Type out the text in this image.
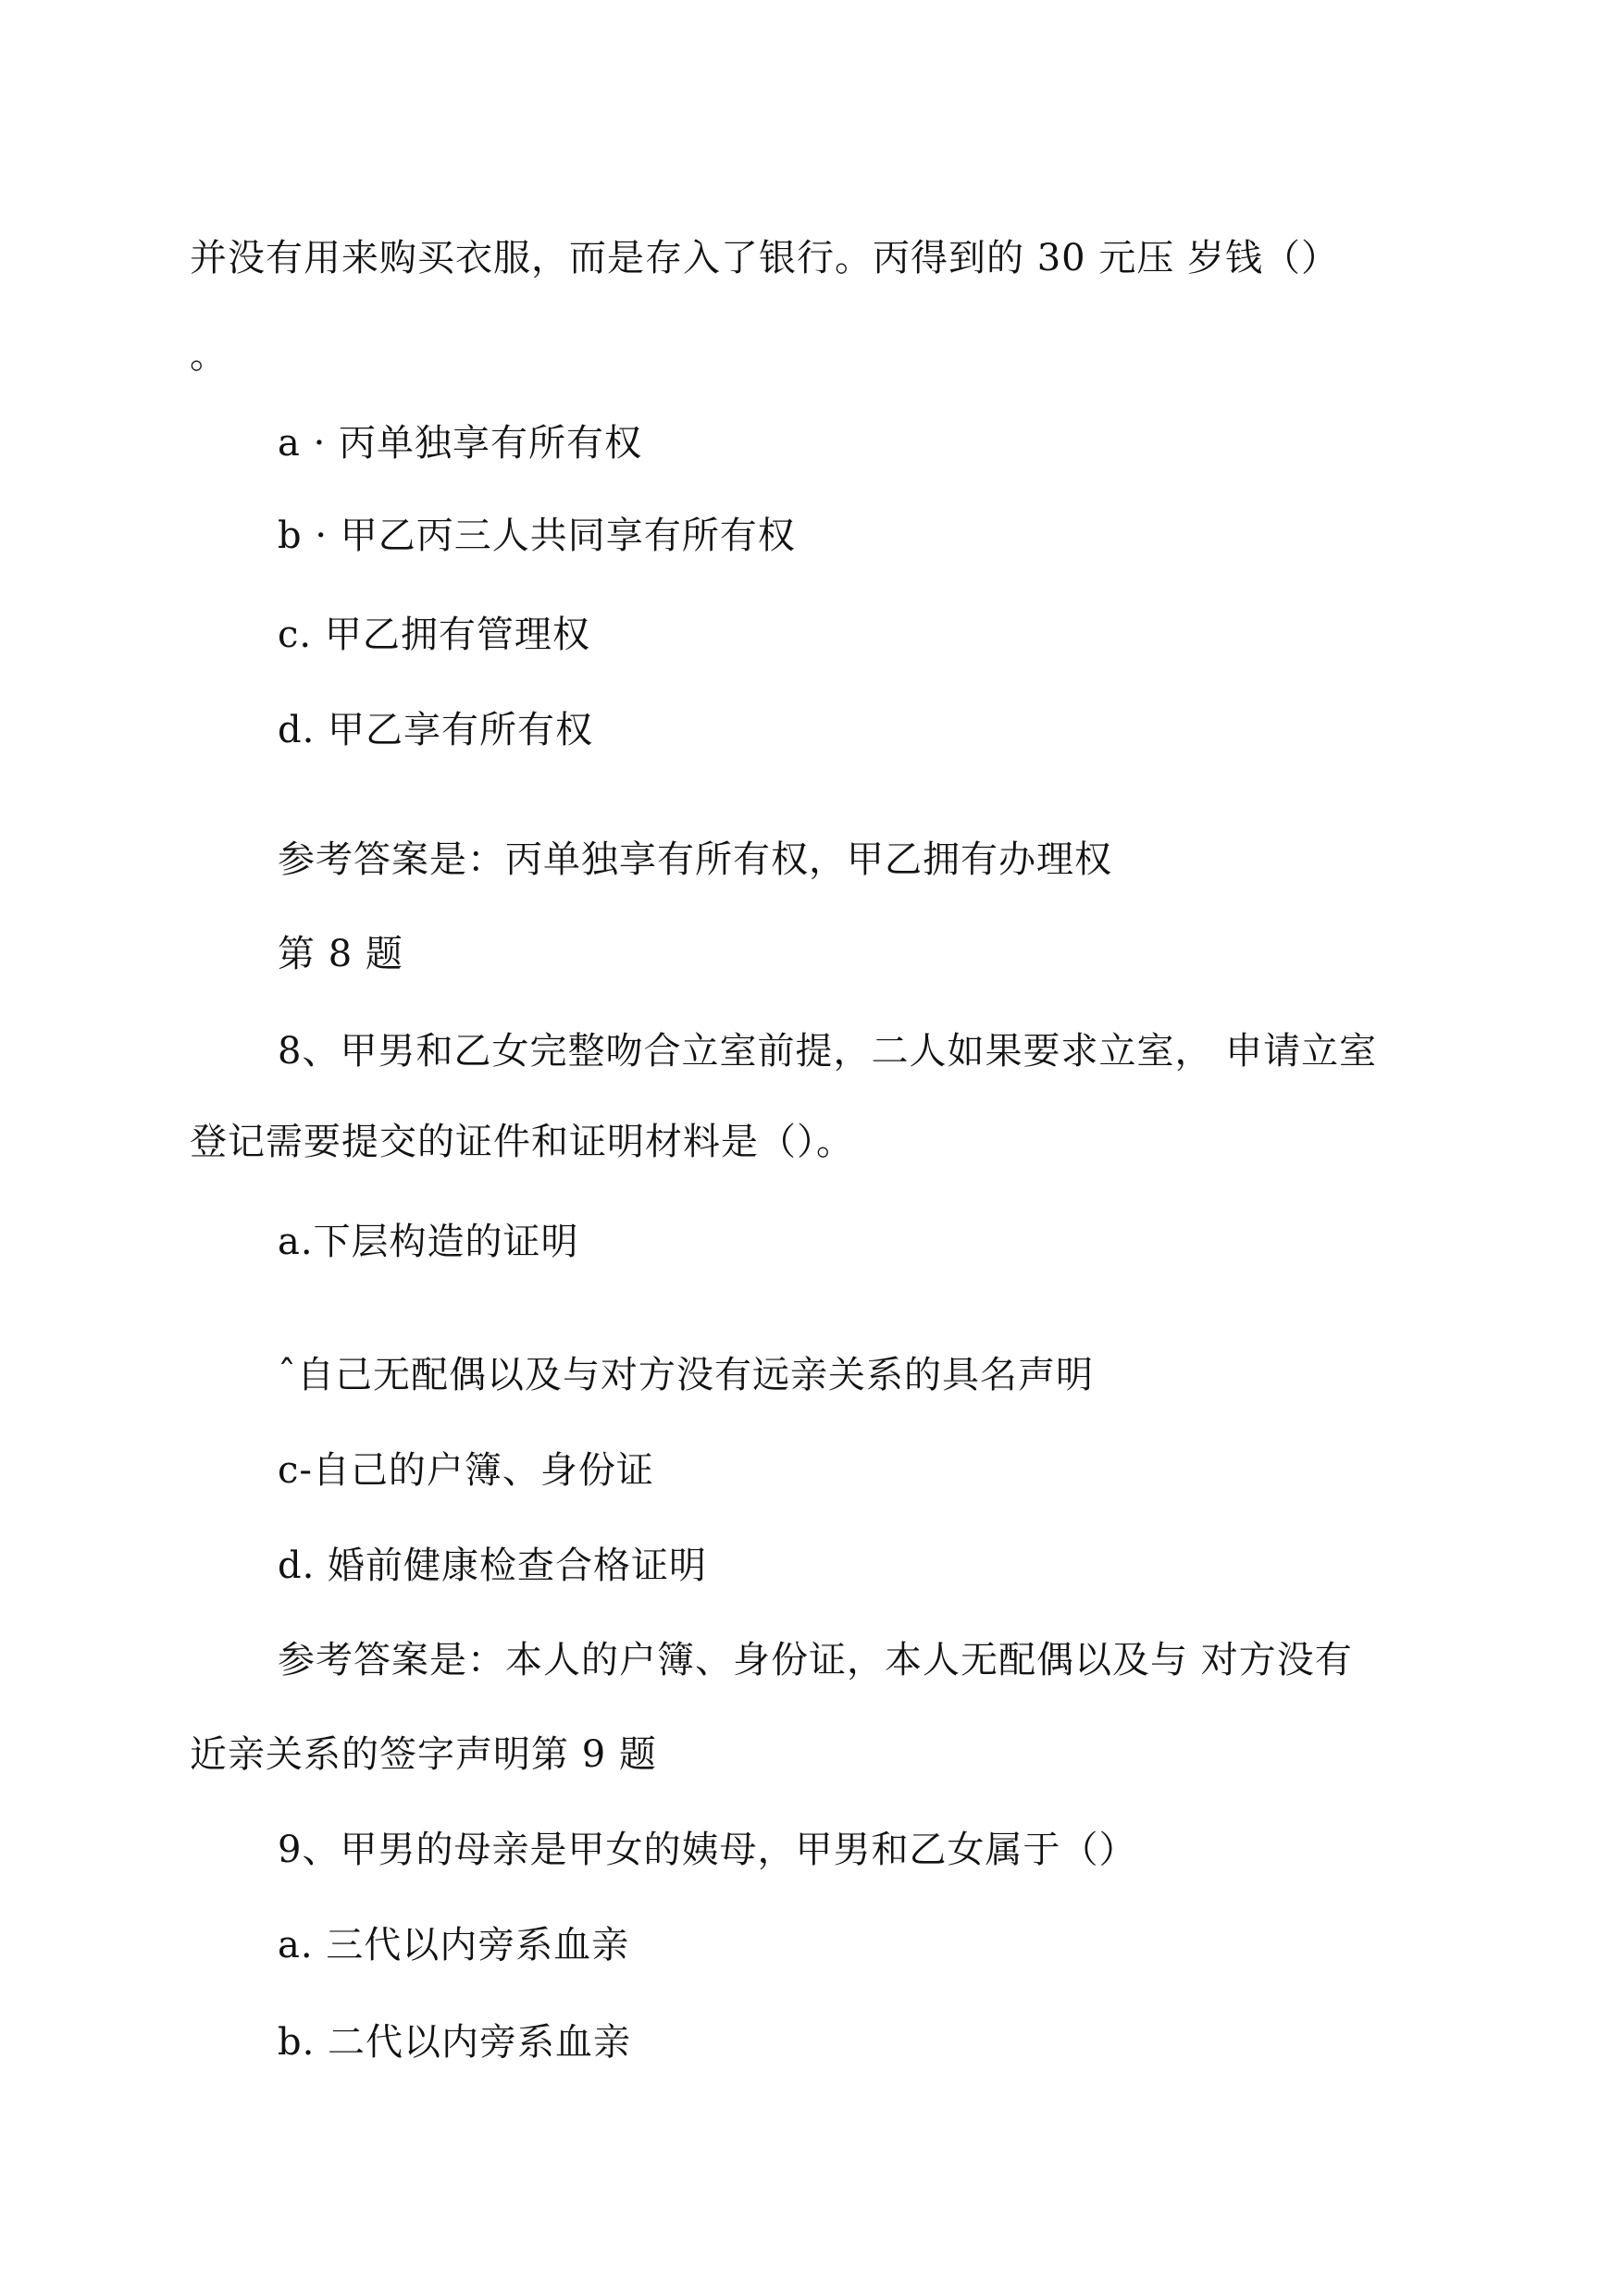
并没有用来购买衣服，而是存入了银行。丙得到的 30 元压 岁钱（）
。
a · 丙单独享有所有权
b · 甲乙丙三人共同享有所有权
c. 甲乙拥有管理权
d. 甲乙享有所有权
参考答案是：丙单独享有所有权，甲乙拥有办理权
第 8 题
8、甲男和乙女完整吻合立室前提，二人如果要求立室， 申请立室
登记需要提交的证件和证明材料是（）。
a.下层构造的证明
ˆ自己无配偶以及与对方没有远亲关系的具名声明
c-自己的户簿、身份证
d. 婚前健康检查合格证明
参考答案是：本人的户簿、身份证，本人无配偶以及与 对方没有
近亲关系的签字声明第 9 题
9、甲男的母亲是甲女的姨母，甲男和乙女属于（）
a. 三代以内旁系血亲
b. 二代以内旁系血亲
